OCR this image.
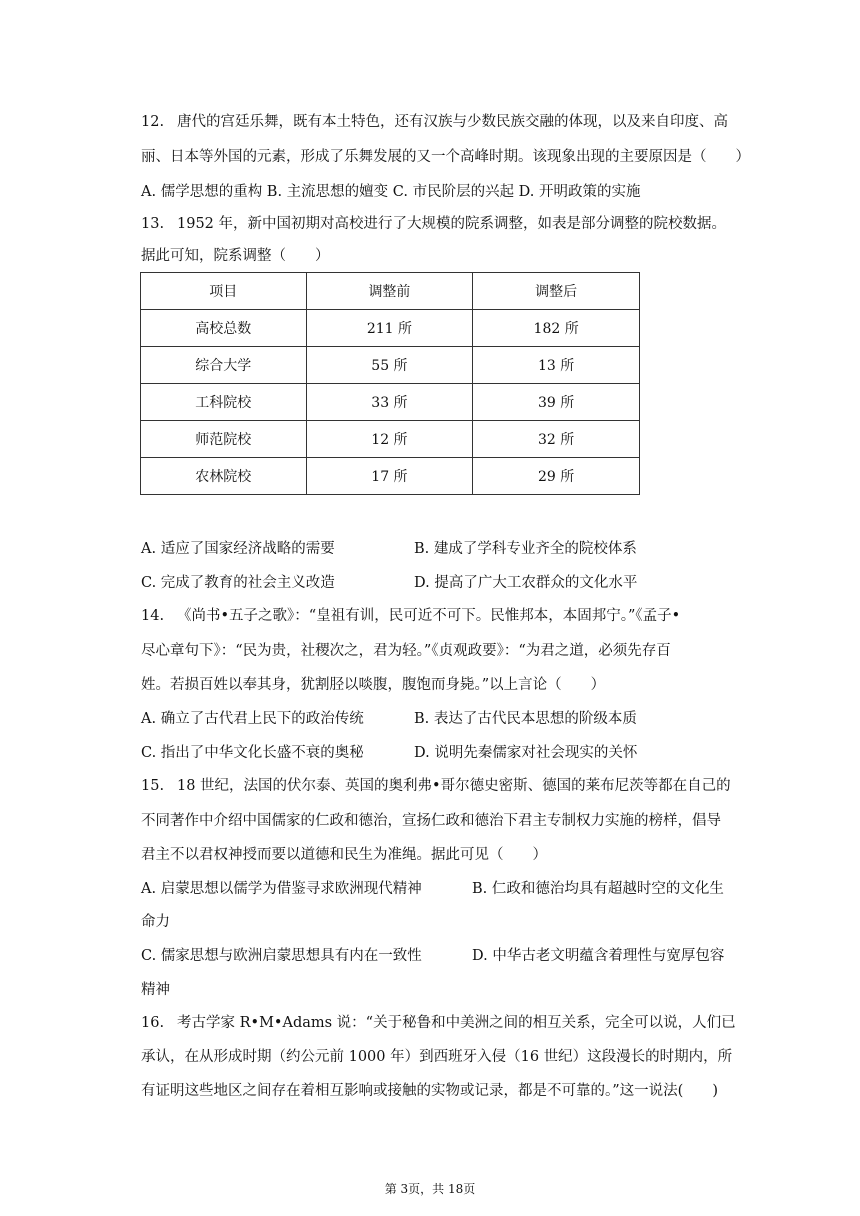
12. 唐代的宫廷乐舞，既有本土特色，还有汉族与少数民族交融的体现，以及来自印度、高
丽、日本等外国的元素，形成了乐舞发展的又一个高峰时期。该现象出现的主要原因是（　　）
A. 儒学思想的重构 B. 主流思想的嬗变 C. 市民阶层的兴起 D. 开明政策的实施
13. 1952 年，新中国初期对高校进行了大规模的院系调整，如表是部分调整的院校数据。
据此可知，院系调整（　　）
项目	调整前	调整后
高校总数	211 所	182 所
综合大学	55 所	13 所
工科院校	33 所	39 所
师范院校	12 所	32 所
农林院校	17 所	29 所
A. 适应了国家经济战略的需要	B. 建成了学科专业齐全的院校体系
C. 完成了教育的社会主义改造	D. 提高了广大工农群众的文化水平
14. 《尚书•五子之歌》：“皇祖有训，民可近不可下。民惟邦本，本固邦宁。”《孟子•
尽心章句下》：“民为贵，社稷次之，君为轻。”《贞观政要》：“为君之道，必须先存百
姓。若损百姓以奉其身，犹割胫以啖腹，腹饱而身毙。”以上言论（　　）
A. 确立了古代君上民下的政治传统	B. 表达了古代民本思想的阶级本质
C. 指出了中华文化长盛不衰的奥秘	D. 说明先秦儒家对社会现实的关怀
15. 18 世纪，法国的伏尔泰、英国的奥利弗•哥尔德史密斯、德国的莱布尼茨等都在自己的
不同著作中介绍中国儒家的仁政和德治，宣扬仁政和德治下君主专制权力实施的榜样，倡导
君主不以君权神授而要以道德和民生为准绳。据此可见（　　）
A. 启蒙思想以儒学为借鉴寻求欧洲现代精神	B. 仁政和德治均具有超越时空的文化生
命力
C. 儒家思想与欧洲启蒙思想具有内在一致性	D. 中华古老文明蕴含着理性与宽厚包容
精神
16. 考古学家 R•M•Adams 说：“关于秘鲁和中美洲之间的相互关系，完全可以说，人们已
承认，在从形成时期（约公元前 1000 年）到西班牙入侵（16 世纪）这段漫长的时期内，所
有证明这些地区之间存在着相互影响或接触的实物或记录，都是不可靠的。”这一说法(　　)
第 3页，共 18页
